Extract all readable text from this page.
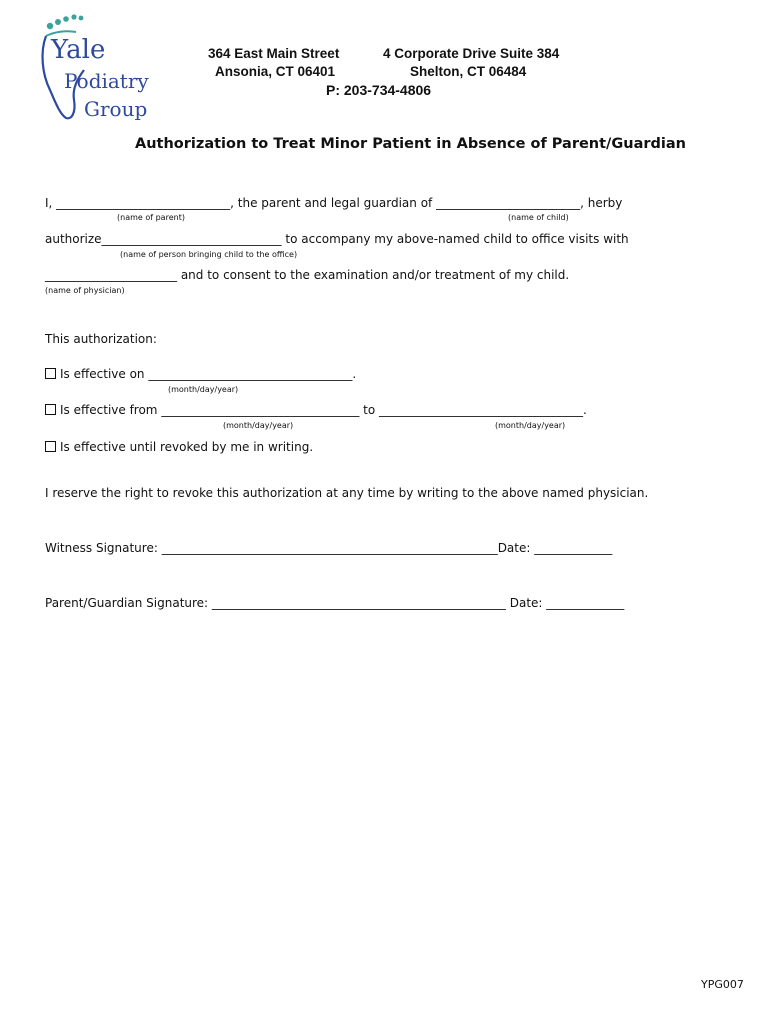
Yale
Podiatry
Group
364 East Main Street
Ansonia, CT 06401
4 Corporate Drive Suite 384
Shelton, CT 06484
P: 203-734-4806
Authorization to Treat Minor Patient in Absence of Parent/Guardian
I, _____________________________, the parent and legal guardian of ________________________, herby
(name of parent)	(name of child)
authorize______________________________ to accompany my above-named child to office visits with
(name of person bringing child to the office)
______________________ and to consent to the examination and/or treatment of my child.
(name of physician)
This authorization:
Is effective on __________________________________.
(month/day/year)
Is effective from _________________________________ to __________________________________.
(month/day/year)	(month/day/year)
Is effective until revoked by me in writing.
I reserve the right to revoke this authorization at any time by writing to the above named physician.
Witness Signature: ________________________________________________________Date: _____________
Parent/Guardian Signature: _________________________________________________ Date: _____________
YPG007
